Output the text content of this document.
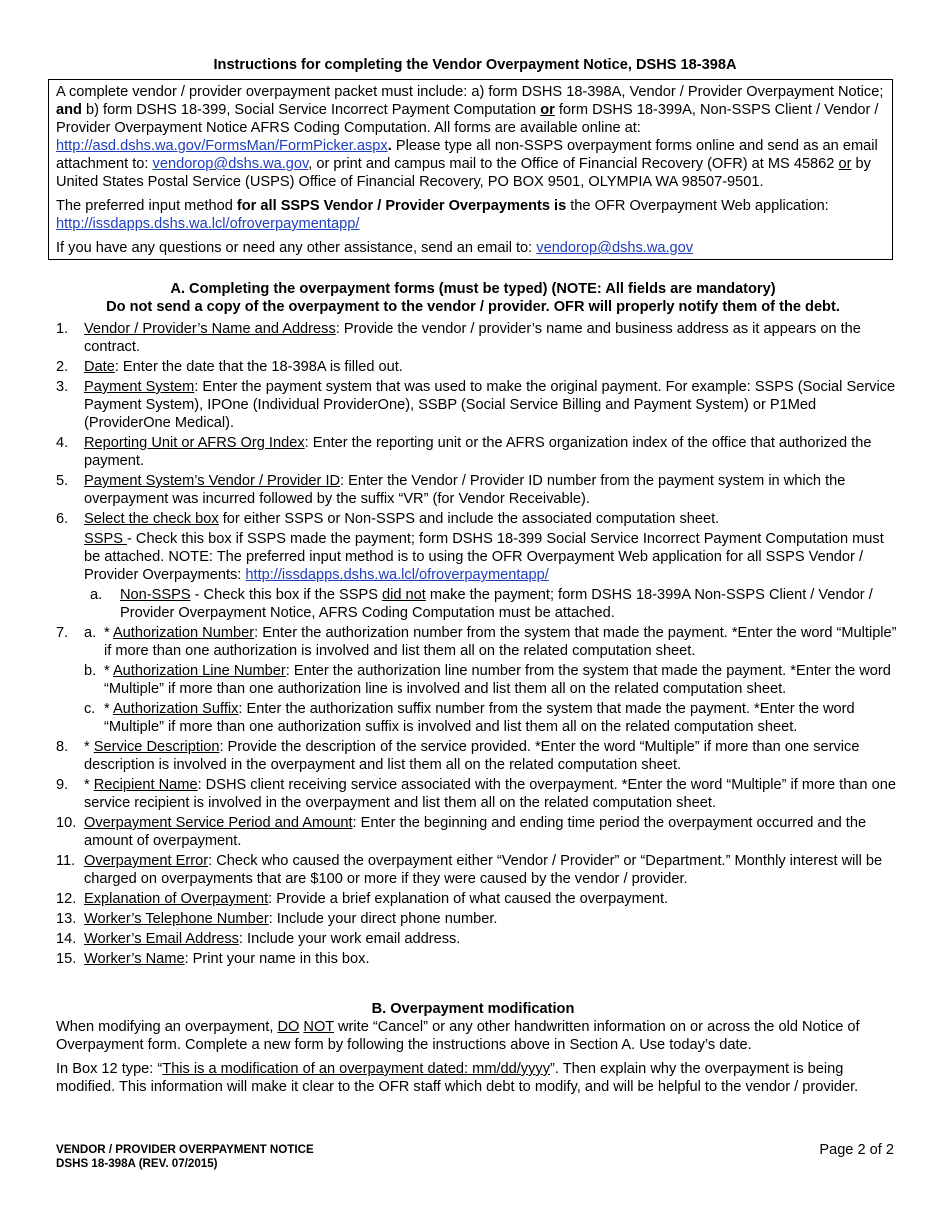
Instructions for completing the Vendor Overpayment Notice, DSHS 18-398A

A complete vendor / provider overpayment packet must include: a) form DSHS 18-398A, Vendor / Provider Overpayment Notice; and b) form DSHS 18-399, Social Service Incorrect Payment Computation or form DSHS 18-399A, Non-SSPS Client / Vendor / Provider Overpayment Notice AFRS Coding Computation. All forms are available online at: http://asd.dshs.wa.gov/FormsMan/FormPicker.aspx. Please type all non-SSPS overpayment forms online and send as an email attachment to: vendorop@dshs.wa.gov, or print and campus mail to the Office of Financial Recovery (OFR) at MS 45862 or by United States Postal Service (USPS) Office of Financial Recovery, PO BOX 9501, OLYMPIA WA 98507-9501.

The preferred input method for all SSPS Vendor / Provider Overpayments is the OFR Overpayment Web application:
http://issdapps.dshs.wa.lcl/ofroverpaymentapp/

If you have any questions or need any other assistance, send an email to: vendorop@dshs.wa.gov

A. Completing the overpayment forms (must be typed) (NOTE: All fields are mandatory)
Do not send a copy of the overpayment to the vendor / provider. OFR will properly notify them of the debt.
1. Vendor / Provider’s Name and Address: Provide the vendor / provider’s name and business address as it appears on the contract.
2. Date: Enter the date that the 18-398A is filled out.
3. Payment System: Enter the payment system that was used to make the original payment. For example: SSPS (Social Service Payment System), IPOne (Individual ProviderOne), SSBP (Social Service Billing and Payment System) or P1Med (ProviderOne Medical).
4. Reporting Unit or AFRS Org Index: Enter the reporting unit or the AFRS organization index of the office that authorized the payment.
5. Payment System’s Vendor / Provider ID: Enter the Vendor / Provider ID number from the payment system in which the overpayment was incurred followed by the suffix “VR” (for Vendor Receivable).
6. Select the check box for either SSPS or Non-SSPS and include the associated computation sheet.
SSPS - Check this box if SSPS made the payment; form DSHS 18-399 Social Service Incorrect Payment Computation must be attached. NOTE: The preferred input method is to using the OFR Overpayment Web application for all SSPS Vendor / Provider Overpayments: http://issdapps.dshs.wa.lcl/ofroverpaymentapp/
a. Non-SSPS - Check this box if the SSPS did not make the payment; form DSHS 18-399A Non-SSPS Client / Vendor / Provider Overpayment Notice, AFRS Coding Computation must be attached.
7. a. * Authorization Number: Enter the authorization number from the system that made the payment. *Enter the word “Multiple” if more than one authorization is involved and list them all on the related computation sheet.
b. * Authorization Line Number: Enter the authorization line number from the system that made the payment. *Enter the word “Multiple” if more than one authorization line is involved and list them all on the related computation sheet.
c. * Authorization Suffix: Enter the authorization suffix number from the system that made the payment. *Enter the word “Multiple” if more than one authorization suffix is involved and list them all on the related computation sheet.
8. * Service Description: Provide the description of the service provided. *Enter the word “Multiple” if more than one service description is involved in the overpayment and list them all on the related computation sheet.
9. * Recipient Name: DSHS client receiving service associated with the overpayment. *Enter the word “Multiple” if more than one service recipient is involved in the overpayment and list them all on the related computation sheet.
10. Overpayment Service Period and Amount: Enter the beginning and ending time period the overpayment occurred and the amount of overpayment.
11. Overpayment Error: Check who caused the overpayment either “Vendor / Provider” or “Department.” Monthly interest will be charged on overpayments that are $100 or more if they were caused by the vendor / provider.
12. Explanation of Overpayment: Provide a brief explanation of what caused the overpayment.
13. Worker’s Telephone Number: Include your direct phone number.
14. Worker’s Email Address: Include your work email address.
15. Worker’s Name: Print your name in this box.
B. Overpayment modification

When modifying an overpayment, DO NOT write “Cancel” or any other handwritten information on or across the old Notice of Overpayment form. Complete a new form by following the instructions above in Section A. Use today’s date.

In Box 12 type: “This is a modification of an overpayment dated: mm/dd/yyyy”. Then explain why the overpayment is being modified. This information will make it clear to the OFR staff which debt to modify, and will be helpful to the vendor / provider.

VENDOR / PROVIDER OVERPAYMENT NOTICE
DSHS 18-398A (REV. 07/2015)
Page 2 of 2
